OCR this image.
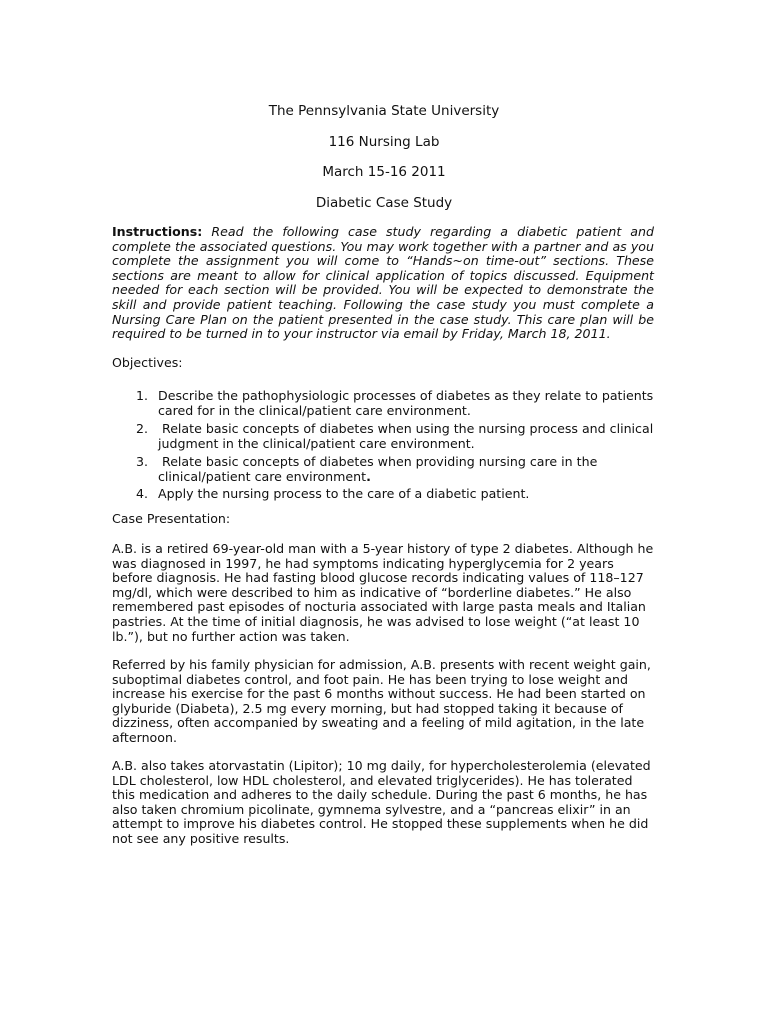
The Pennsylvania State University
116 Nursing Lab
March 15-16 2011
Diabetic Case Study
Instructions: Read the following case study regarding a diabetic patient and complete the associated questions. You may work together with a partner and as you complete the assignment you will come to “Hands~on time-out” sections. These sections are meant to allow for clinical application of topics discussed. Equipment needed for each section will be provided. You will be expected to demonstrate the skill and provide patient teaching. Following the case study you must complete a Nursing Care Plan on the patient presented in the case study. This care plan will be required to be turned in to your instructor via email by Friday, March 18, 2011.
Objectives:
1. Describe the pathophysiologic processes of diabetes as they relate to patients cared for in the clinical/patient care environment.
2. Relate basic concepts of diabetes when using the nursing process and clinical judgment in the clinical/patient care environment.
3. Relate basic concepts of diabetes when providing nursing care in the clinical/patient care environment.
4. Apply the nursing process to the care of a diabetic patient.
Case Presentation:
A.B. is a retired 69-year-old man with a 5-year history of type 2 diabetes. Although he was diagnosed in 1997, he had symptoms indicating hyperglycemia for 2 years before diagnosis. He had fasting blood glucose records indicating values of 118–127 mg/dl, which were described to him as indicative of “borderline diabetes.” He also remembered past episodes of nocturia associated with large pasta meals and Italian pastries. At the time of initial diagnosis, he was advised to lose weight (“at least 10 lb.”), but no further action was taken.
Referred by his family physician for admission, A.B. presents with recent weight gain, suboptimal diabetes control, and foot pain. He has been trying to lose weight and increase his exercise for the past 6 months without success. He had been started on glyburide (Diabeta), 2.5 mg every morning, but had stopped taking it because of dizziness, often accompanied by sweating and a feeling of mild agitation, in the late afternoon.
A.B. also takes atorvastatin (Lipitor); 10 mg daily, for hypercholesterolemia (elevated LDL cholesterol, low HDL cholesterol, and elevated triglycerides). He has tolerated this medication and adheres to the daily schedule. During the past 6 months, he has also taken chromium picolinate, gymnema sylvestre, and a “pancreas elixir” in an attempt to improve his diabetes control. He stopped these supplements when he did not see any positive results.
